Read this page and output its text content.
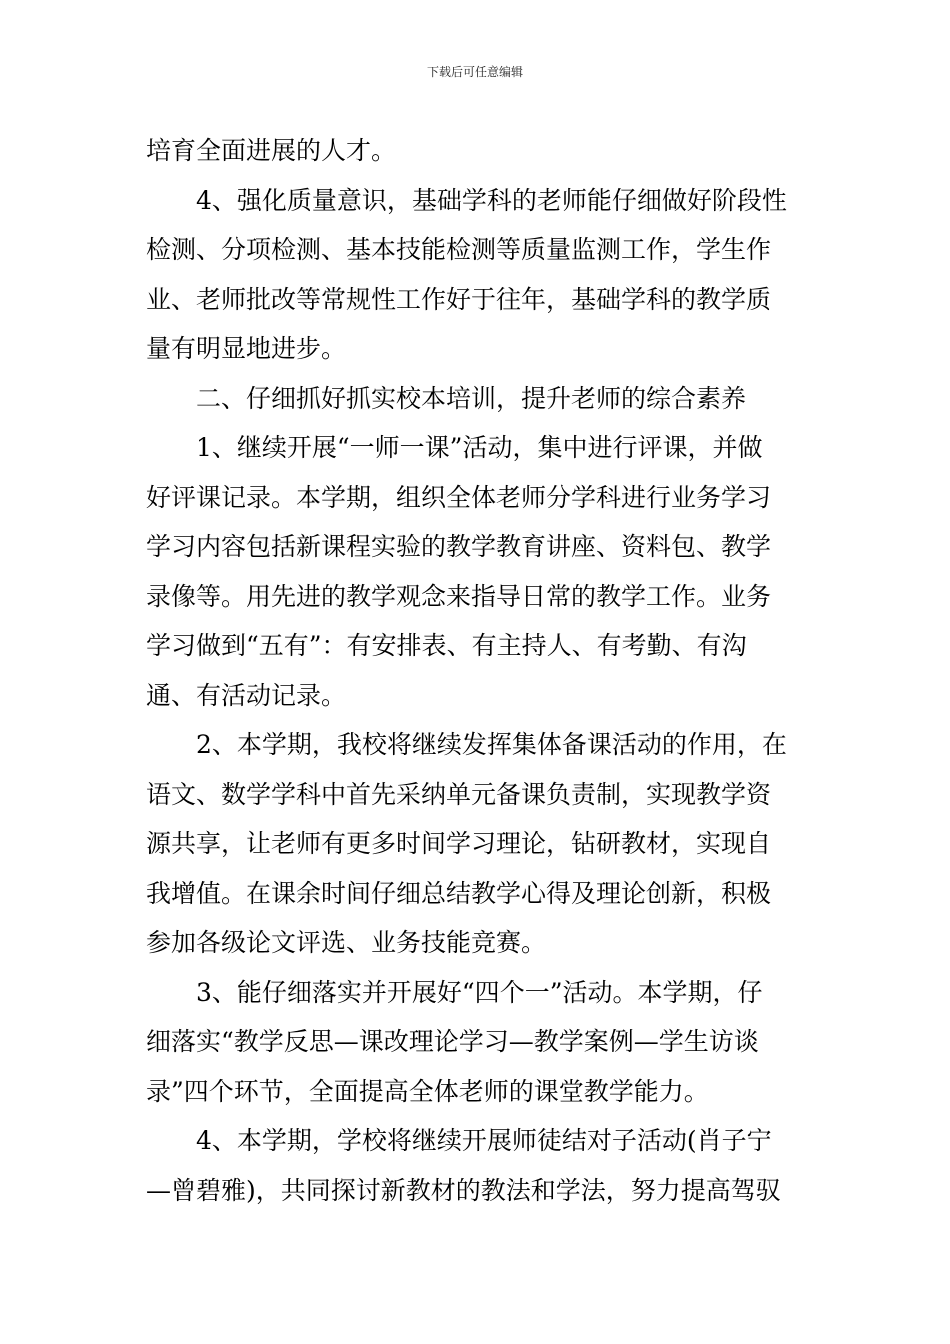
下载后可任意编辑
培育全面进展的人才。
4、强化质量意识，基础学科的老师能仔细做好阶段性
检测、分项检测、基本技能检测等质量监测工作，学生作
业、老师批改等常规性工作好于往年，基础学科的教学质
量有明显地进步。
二、仔细抓好抓实校本培训，提升老师的综合素养
1、继续开展“一师一课”活动，集中进行评课，并做
好评课记录。本学期，组织全体老师分学科进行业务学习
学习内容包括新课程实验的教学教育讲座、资料包、教学
录像等。用先进的教学观念来指导日常的教学工作。业务
学习做到“五有”：有安排表、有主持人、有考勤、有沟
通、有活动记录。
2、本学期，我校将继续发挥集体备课活动的作用，在
语文、数学学科中首先采纳单元备课负责制，实现教学资
源共享，让老师有更多时间学习理论，钻研教材，实现自
我增值。在课余时间仔细总结教学心得及理论创新，积极
参加各级论文评选、业务技能竞赛。
3、能仔细落实并开展好“四个一”活动。本学期，仔
细落实“教学反思—课改理论学习—教学案例—学生访谈
录”四个环节，全面提高全体老师的课堂教学能力。
4、本学期，学校将继续开展师徒结对子活动(肖子宁
—曾碧雅)，共同探讨新教材的教法和学法，努力提高驾驭
